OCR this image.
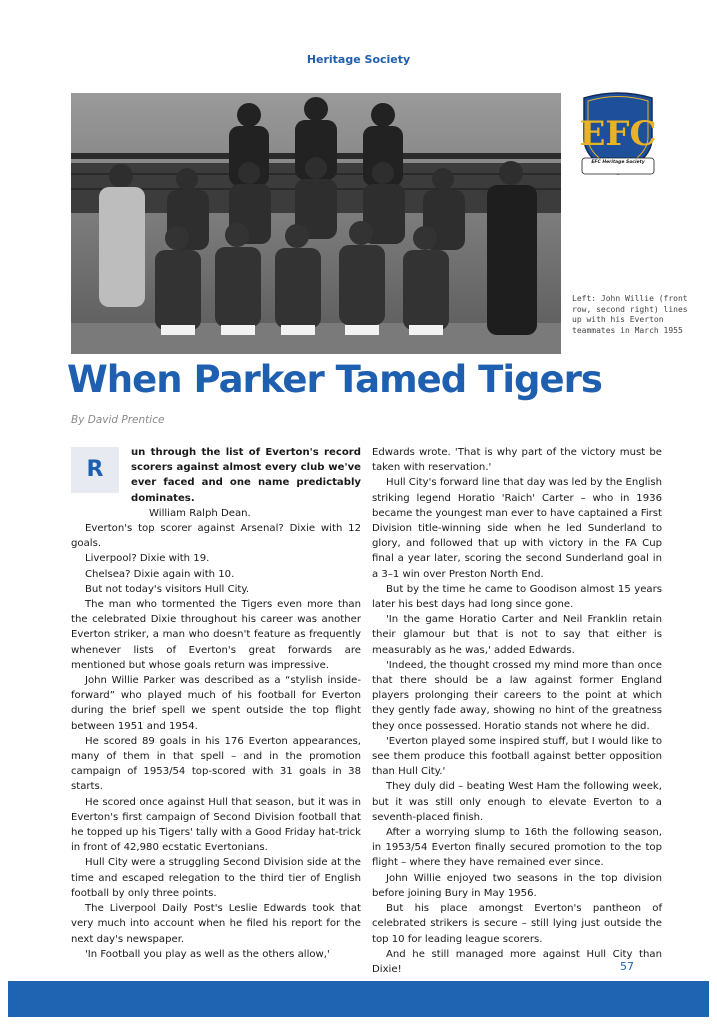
Heritage Society
EFC
EFC Heritage Society
Left: John Willie (front row, second right) lines up with his Everton teammates in March 1955
When Parker Tamed Tigers
By David Prentice
R

un through the list of Everton's record scorers against almost every club we've ever faced and one name predictably dominates.

William Ralph Dean.

Everton's top scorer against Arsenal? Dixie with 12 goals.

Liverpool? Dixie with 19.

Chelsea? Dixie again with 10.

But not today's visitors Hull City.

The man who tormented the Tigers even more than the celebrated Dixie throughout his career was another Everton striker, a man who doesn't feature as frequently whenever lists of Everton's great forwards are mentioned but whose goals return was impressive.

John Willie Parker was described as a “stylish inside-forward” who played much of his football for Everton during the brief spell we spent outside the top flight between 1951 and 1954.

He scored 89 goals in his 176 Everton appearances, many of them in that spell – and in the promotion campaign of 1953/54 top-scored with 31 goals in 38 starts.

He scored once against Hull that season, but it was in Everton's first campaign of Second Division football that he topped up his Tigers' tally with a Good Friday hat-trick in front of 42,980 ecstatic Evertonians.

Hull City were a struggling Second Division side at the time and escaped relegation to the third tier of English football by only three points.

The Liverpool Daily Post's Leslie Edwards took that very much into account when he filed his report for the next day's newspaper.

'In Football you play as well as the others allow,'

Edwards wrote. 'That is why part of the victory must be taken with reservation.'

Hull City's forward line that day was led by the English striking legend Horatio 'Raich' Carter – who in 1936 became the youngest man ever to have captained a First Division title-winning side when he led Sunderland to glory, and followed that up with victory in the FA Cup final a year later, scoring the second Sunderland goal in a 3–1 win over Preston North End.

But by the time he came to Goodison almost 15 years later his best days had long since gone.

'In the game Horatio Carter and Neil Franklin retain their glamour but that is not to say that either is measurably as he was,' added Edwards.

'Indeed, the thought crossed my mind more than once that there should be a law against former England players prolonging their careers to the point at which they gently fade away, showing no hint of the greatness they once possessed. Horatio stands not where he did.

'Everton played some inspired stuff, but I would like to see them produce this football against better opposition than Hull City.'

They duly did – beating West Ham the following week, but it was still only enough to elevate Everton to a seventh-placed finish.

After a worrying slump to 16th the following season, in 1953/54 Everton finally secured promotion to the top flight – where they have remained ever since.

John Willie enjoyed two seasons in the top division before joining Bury in May 1956.

But his place amongst Everton's pantheon of celebrated strikers is secure – still lying just outside the top 10 for leading league scorers.

And he still managed more against Hull City than Dixie!	57
